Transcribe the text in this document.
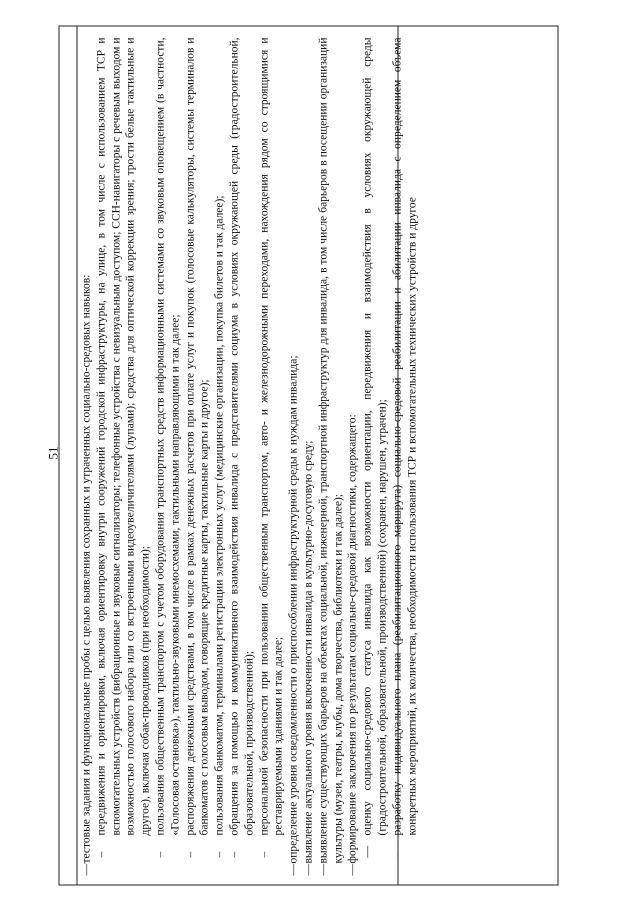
51
—
тестовые задания и функциональные пробы с целью выявления сохранных и утраченных социально-средовых навыков: –
передвижения и ориентировки, включая ориентировку внутри сооружений городской инфраструктуры, на улице, в том числе с использованием ТСР и вспомогательных устройств (вибрационные и звуковые сигнализаторы; телефонные устройства с невизуальным доступом; ССН-навигаторы с речевым выходом и возможностью голосового набора или со встроенными видеоувеличителями (лупами); средства для оптической коррекции зрения; трости белые тактильные и другое), включая собак-проводников (при необходимости);
–
пользования общественным транспортом с учетом оборудования транспортных средств информационными системами со звуковым оповещением (в частности, «Голосовая остановка»), тактильно-звуковыми мнемосхемами, тактильными направляющими и так далее;
–
распоряжения денежными средствами, в том числе в рамках денежных расчетов при оплате услуг и покупок (голосовые калькуляторы, системы терминалов и банкоматов с голосовым выводом, говорящие кредитные карты, тактильные карты и другое);
–
пользования банкоматом, терминалами регистрации электронных услуг (медицинские организации, покупка билетов и так далее);
–
обращения за помощью и коммуникативного взаимодействия инвалида с представителями социума в условиях окружающей среды (градостроительной, образовательной, производственной);
–
персональной безопасности при пользовании общественным транспортом, авто- и железнодорожными переходами, нахождения рядом со строящимися и реставрируемыми зданиями и так далее;
—
определение уровня осведомленности о приспособлении инфраструктурной среды к нуждам инвалида;
—
выявление актуального уровня включенности инвалида в культурно-досуговую среду;
—
выявление существующих барьеров на объектах социальной, инженерной, транспортной инфраструктур для инвалида, в том числе барьеров в посещении организаций культуры (музеи, театры, клубы, дома творчества, библиотеки и так далее);
—
формирование заключения по результатам социально-средовой диагностики, содержащего: —
оценку социально-средового статуса инвалида как возможности ориентации, передвижения и взаимодействия в условиях окружающей среды (градостроительной, образовательной, производственной) (сохранен, нарушен, утрачен);
–
разработку индивидуального плана (реабилитационного маршрута) социально-средовой реабилитации и абилитации инвалида с определением объема конкретных мероприятий, их количества, необходимости использования ТСР и вспомогательных технических устройств и другое
